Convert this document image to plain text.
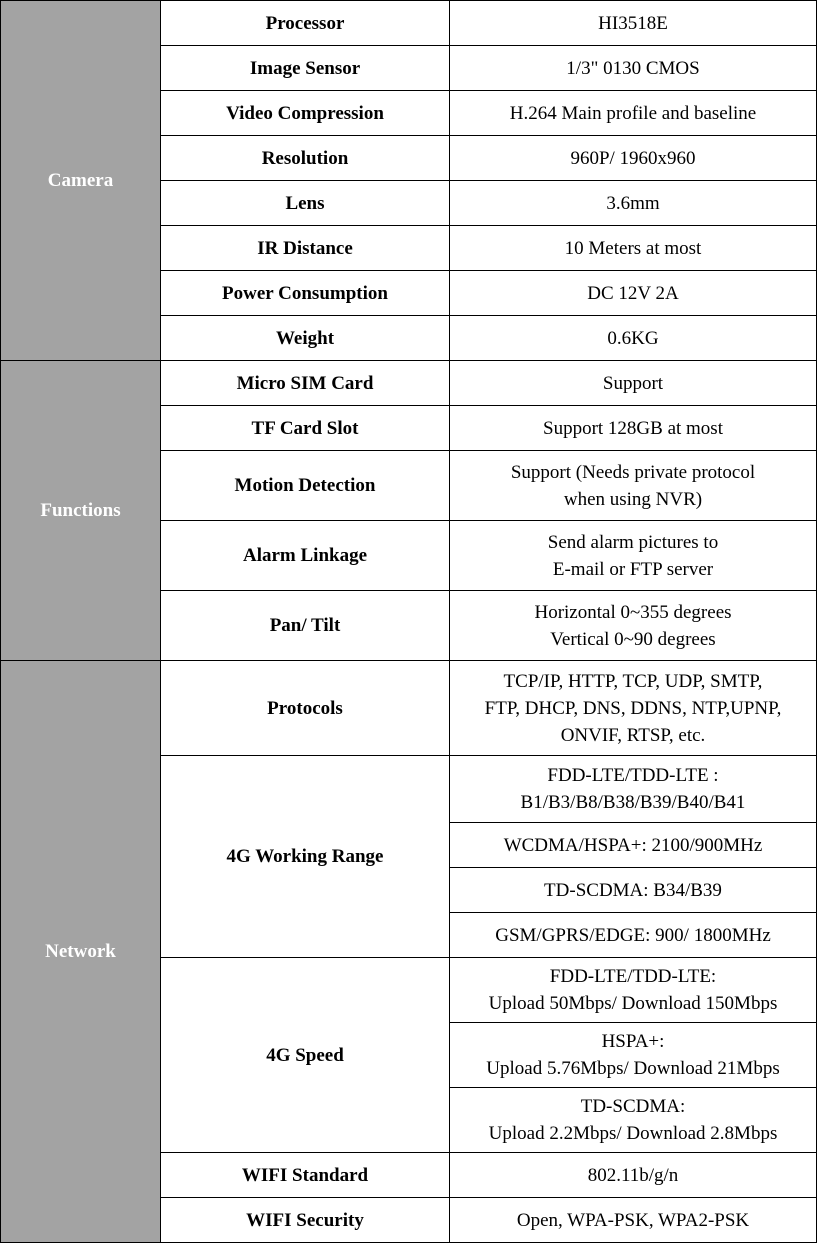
Camera	Processor	HI3518E
	Image Sensor	1/3" 0130 CMOS
	Video Compression	H.264 Main profile and baseline
	Resolution	960P/ 1960x960
	Lens	3.6mm
	IR Distance	10 Meters at most
	Power Consumption	DC 12V 2A
	Weight	0.6KG
Functions	Micro SIM Card	Support
	TF Card Slot	Support 128GB at most
	Motion Detection	Support (Needs private protocol
when using NVR)

	Alarm Linkage	Send alarm pictures to
E-mail or FTP server

	Pan/ Tilt	Horizontal 0~355 degrees
Vertical 0~90 degrees

Network	Protocols	TCP/IP, HTTP, TCP, UDP, SMTP,
FTP, DHCP, DNS, DDNS, NTP,UPNP,
ONVIF, RTSP, etc.

	4G Working Range	FDD-LTE/TDD-LTE :
B1/B3/B8/B38/B39/B40/B41

		WCDMA/HSPA+: 2100/900MHz
		TD-SCDMA: B34/B39
		GSM/GPRS/EDGE: 900/ 1800MHz
	4G Speed	FDD-LTE/TDD-LTE:
Upload 50Mbps/ Download 150Mbps

		HSPA+:
Upload 5.76Mbps/ Download 21Mbps

		TD-SCDMA:
Upload 2.2Mbps/ Download 2.8Mbps

	WIFI Standard	802.11b/g/n
	WIFI Security	Open, WPA-PSK, WPA2-PSK
